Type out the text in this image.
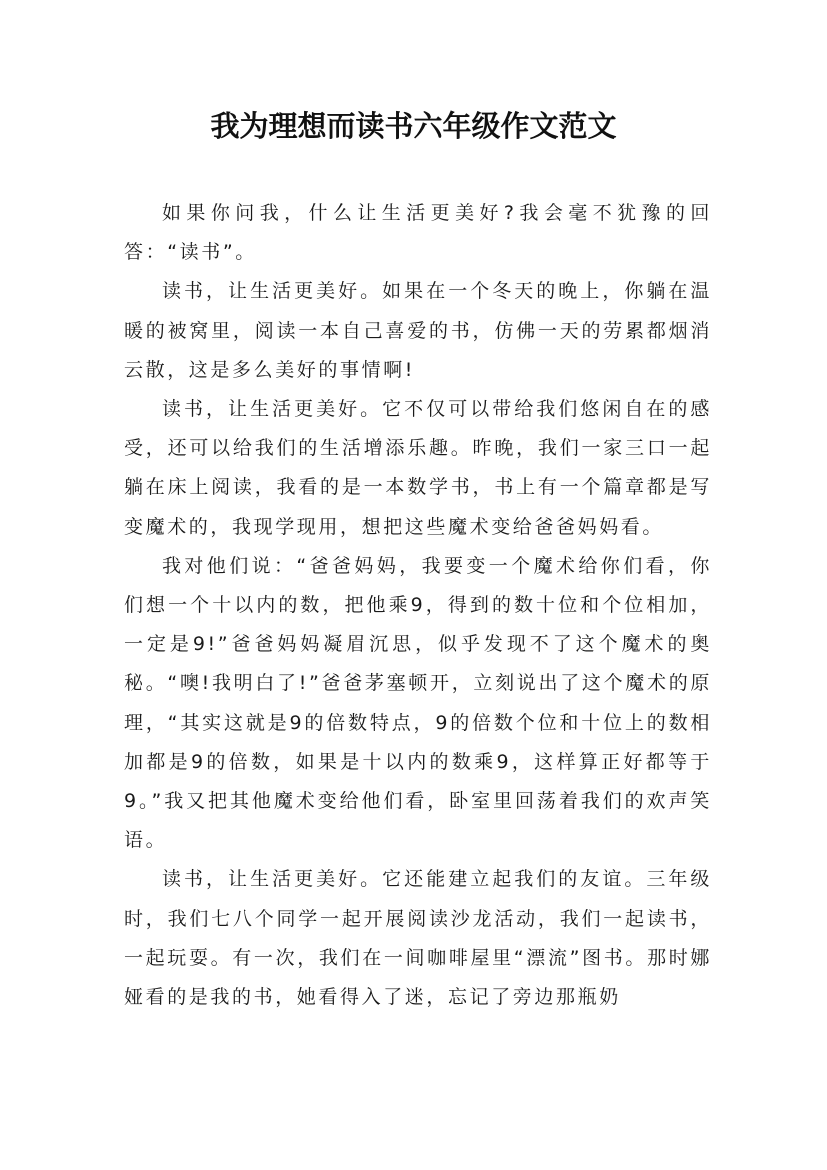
我为理想而读书六年级作文范文

如果你问我，什么让生活更美好?我会毫不犹豫的回答：“读书”。

读书，让生活更美好。如果在一个冬天的晚上，你躺在温暖的被窝里，阅读一本自己喜爱的书，仿佛一天的劳累都烟消云散，这是多么美好的事情啊!

读书，让生活更美好。它不仅可以带给我们悠闲自在的感受，还可以给我们的生活增添乐趣。昨晚，我们一家三口一起躺在床上阅读，我看的是一本数学书，书上有一个篇章都是写变魔术的，我现学现用，想把这些魔术变给爸爸妈妈看。

我对他们说：“爸爸妈妈，我要变一个魔术给你们看，你们想一个十以内的数，把他乘9，得到的数十位和个位相加，一定是9!”爸爸妈妈凝眉沉思，似乎发现不了这个魔术的奥秘。“噢!我明白了!”爸爸茅塞顿开，立刻说出了这个魔术的原理，“其实这就是9的倍数特点，9的倍数个位和十位上的数相加都是9的倍数，如果是十以内的数乘9，这样算正好都等于9。”我又把其他魔术变给他们看，卧室里回荡着我们的欢声笑语。

读书，让生活更美好。它还能建立起我们的友谊。三年级时，我们七八个同学一起开展阅读沙龙活动，我们一起读书，一起玩耍。有一次，我们在一间咖啡屋里“漂流”图书。那时娜娅看的是我的书，她看得入了迷，忘记了旁边那瓶奶
